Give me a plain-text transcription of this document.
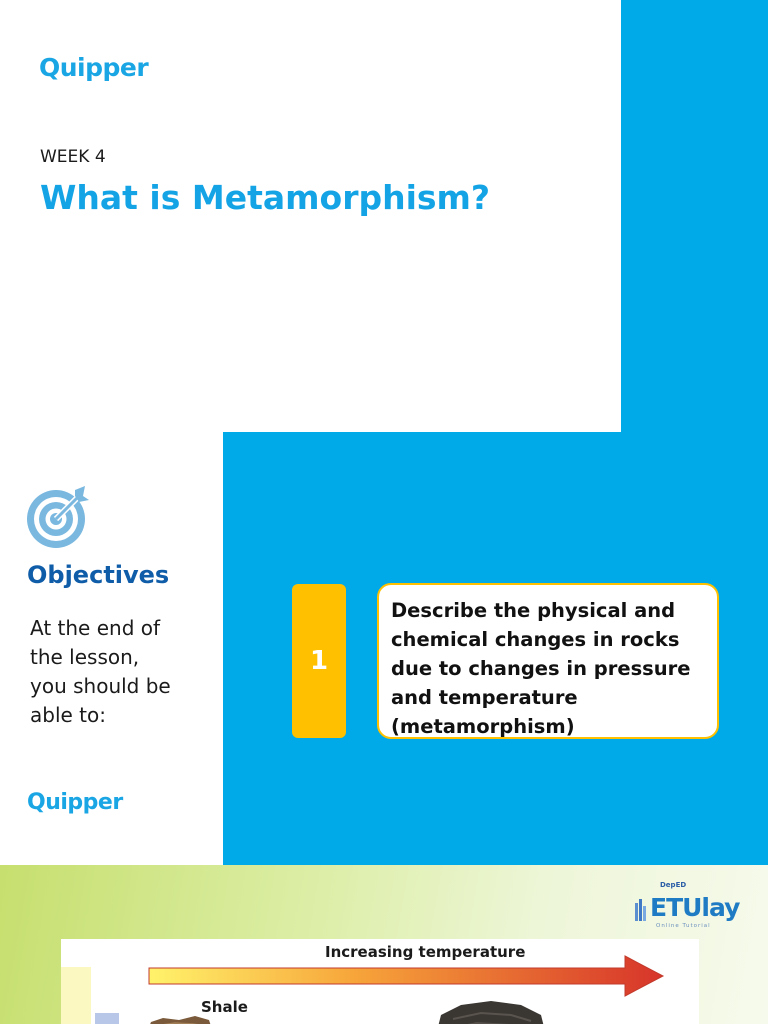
Quipper
WEEK 4
What is Metamorphism?
Objectives

At the end of the lesson, you should be able to:

Quipper
1
Describe the physical and chemical changes in rocks due to changes in pressure and temperature (metamorphism)
DepED
ETUlay
Online Tutorial
Increasing temperature
Shale
